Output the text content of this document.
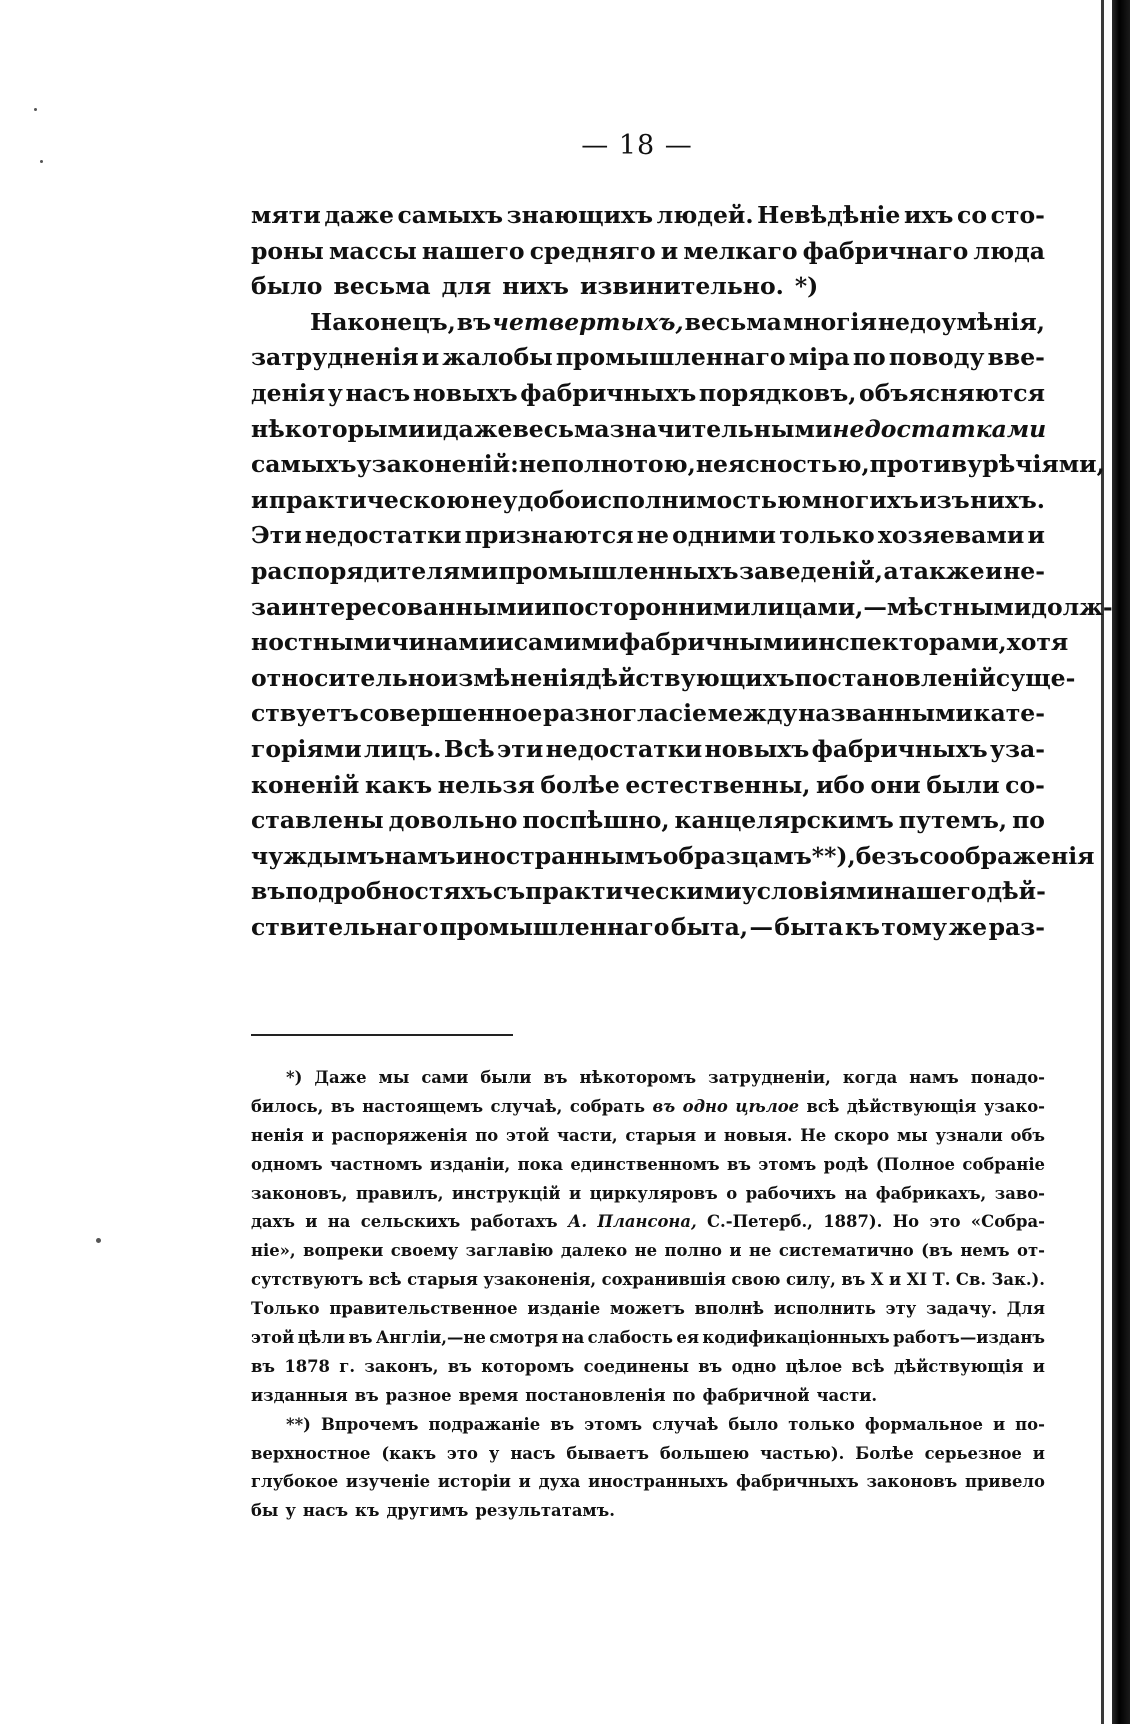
— 18 —
мяти даже самыхъ знающихъ людей. Невѣдѣніе ихъ со сто-
роны массы нашего средняго и мелкаго фабричнаго люда
было весьма для нихъ извинительно. *)
Наконецъ, въ четвертыхъ, весьма многія недоумѣнія,
затрудненія и жалобы промышленнаго міра по поводу вве-
денія у насъ новыхъ фабричныхъ порядковъ, объясняются
нѣкоторыми и даже весьма значительными недостатками
самыхъ узаконеній: неполнотою, неясностью, противурѣчіями,
и практическою неудобоисполнимостью многихъ изъ нихъ.
Эти недостатки признаются не одними только хозяевами и
распорядителями промышленныхъ заведеній, а также и не-
заинтересованными и посторонними лицами, — мѣстными долж-
ностными чинами и самими фабричными инспекторами, хотя
относительно измѣненія дѣйствующихъ постановленій суще-
ствуетъ совершенное разногласіе между названными кате-
горіями лицъ. Всѣ эти недостатки новыхъ фабричныхъ уза-
коненій какъ нельзя болѣе естественны, ибо они были со-
ставлены довольно поспѣшно, канцелярскимъ путемъ, по
чуждымъ намъ иностраннымъ образцамъ **), безъ соображенія
въ подробностяхъ съ практическими условіями нашего дѣй-
ствительнаго промышленнаго быта, — быта къ тому же раз-
*) Даже мы сами были въ нѣкоторомъ затрудненіи, когда намъ понадо-
билось, въ настоящемъ случаѣ, собрать въ одно цѣлое всѣ дѣйствующія узако-
ненія и распоряженія по этой части, старыя и новыя. Не скоро мы узнали объ
одномъ частномъ изданіи, пока единственномъ въ этомъ родѣ (Полное собраніе
законовъ, правилъ, инструкцій и циркуляровъ о рабочихъ на фабрикахъ, заво-
дахъ и на сельскихъ работахъ А. Плансона, С.-Петерб., 1887). Но это «Собра-
ніе», вопреки своему заглавію далеко не полно и не систематично (въ немъ от-
сутствуютъ всѣ старыя узаконенія, сохранившія свою силу, въ X и XI Т. Св. Зак.).
Только правительственное изданіе можетъ вполнѣ исполнить эту задачу. Для
этой цѣли въ Англіи,—не смотря на слабость ея кодификаціонныхъ работъ—изданъ
въ 1878 г. законъ, въ которомъ соединены въ одно цѣлое всѣ дѣйствующія и
изданныя въ разное время постановленія по фабричной части.
**) Впрочемъ подражаніе въ этомъ случаѣ было только формальное и по-
верхностное (какъ это у насъ бываетъ большею частью). Болѣе серьезное и
глубокое изученіе исторіи и духа иностранныхъ фабричныхъ законовъ привело
бы у насъ къ другимъ результатамъ.
